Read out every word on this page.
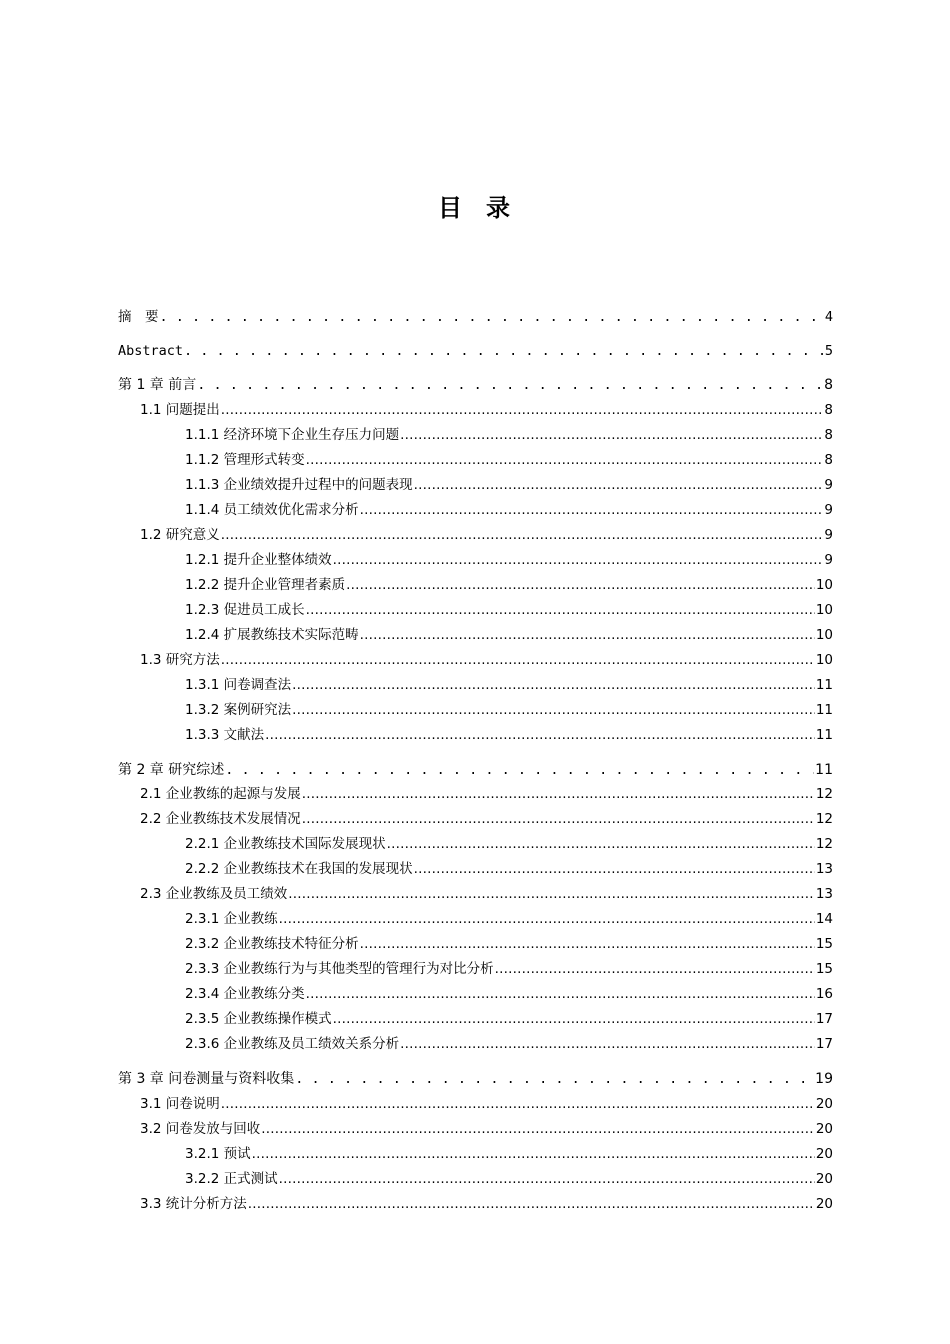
目 录
摘　要 . . .	4
Abstract . . .	5
第 1 章 前言 . . .	8
1.1 问题提出 .....	8
1.1.1 经济环境下企业生存压力问题 .....	8
1.1.2 管理形式转变 .....	8
1.1.3 企业绩效提升过程中的问题表现 .....	9
1.1.4 员工绩效优化需求分析 .....	9
1.2 研究意义 .....	9
1.2.1 提升企业整体绩效 .....	9
1.2.2 提升企业管理者素质 .....	10
1.2.3 促进员工成长 .....	10
1.2.4 扩展教练技术实际范畴 .....	10
1.3 研究方法 .....	10
1.3.1 问卷调查法 .....	11
1.3.2 案例研究法 .....	11
1.3.3 文献法 .....	11
第 2 章 研究综述 . . .	11
2.1 企业教练的起源与发展 .....	12
2.2 企业教练技术发展情况 .....	12
2.2.1 企业教练技术国际发展现状 .....	12
2.2.2 企业教练技术在我国的发展现状 .....	13
2.3 企业教练及员工绩效 .....	13
2.3.1 企业教练 .....	14
2.3.2 企业教练技术特征分析 .....	15
2.3.3 企业教练行为与其他类型的管理行为对比分析 .....	15
2.3.4 企业教练分类 .....	16
2.3.5 企业教练操作模式 .....	17
2.3.6 企业教练及员工绩效关系分析 .....	17
第 3 章 问卷测量与资料收集 . . .	19
3.1 问卷说明 .....	20
3.2 问卷发放与回收 .....	20
3.2.1 预试 .....	20
3.2.2 正式测试 .....	20
3.3 统计分析方法 .....	20
